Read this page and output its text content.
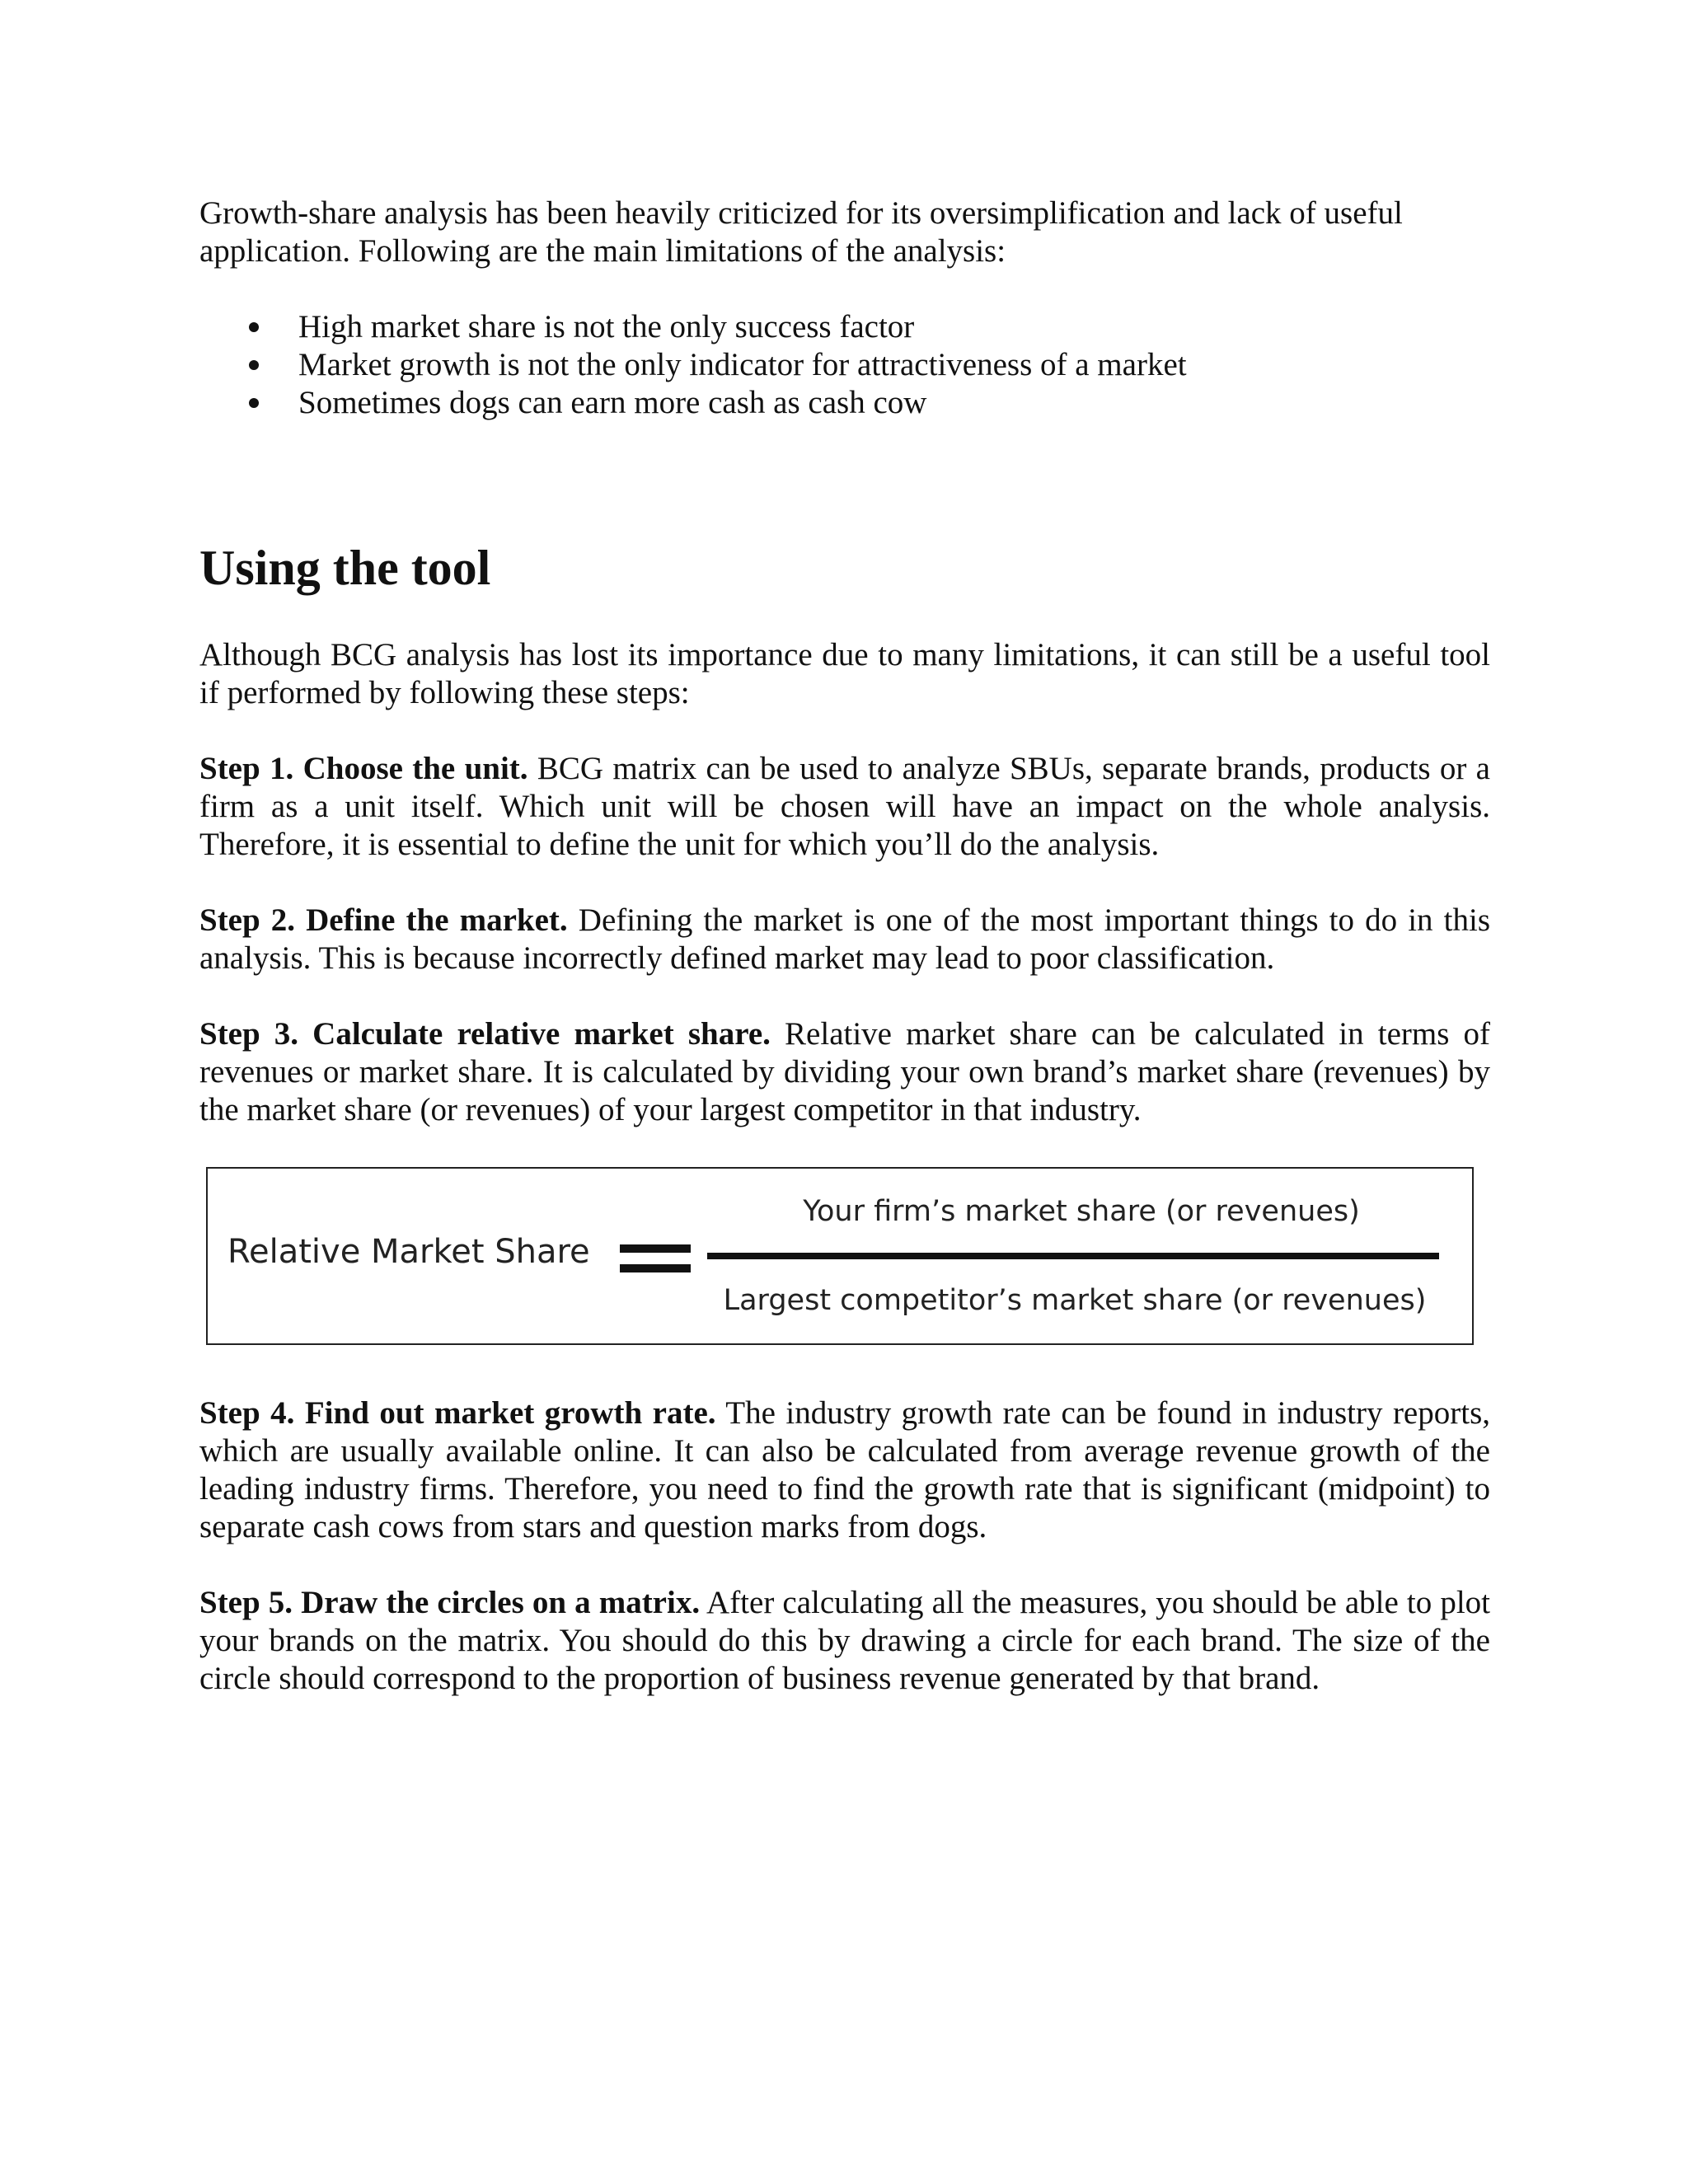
Growth-share analysis has been heavily criticized for its oversimplification and lack of useful application. Following are the main limitations of the analysis:

High market share is not the only success factor
Market growth is not the only indicator for attractiveness of a market
Sometimes dogs can earn more cash as cash cow
Using the tool

Although BCG analysis has lost its importance due to many limitations, it can still be a useful tool if performed by following these steps:

Step 1. Choose the unit. BCG matrix can be used to analyze SBUs, separate brands, products or a firm as a unit itself. Which unit will be chosen will have an impact on the whole analysis. Therefore, it is essential to define the unit for which you’ll do the analysis.

Step 2. Define the market. Defining the market is one of the most important things to do in this analysis. This is because incorrectly defined market may lead to poor classification.

Step 3. Calculate relative market share. Relative market share can be calculated in terms of revenues or market share. It is calculated by dividing your own brand’s market share (revenues) by the market share (or revenues) of your largest competitor in that industry.

Relative Market Share
Your firm’s market share (or revenues)
Largest competitor’s market share (or revenues)

Step 4. Find out market growth rate. The industry growth rate can be found in industry reports, which are usually available online. It can also be calculated from average revenue growth of the leading industry firms. Therefore, you need to find the growth rate that is significant (midpoint) to separate cash cows from stars and question marks from dogs.

Step 5. Draw the circles on a matrix. After calculating all the measures, you should be able to plot your brands on the matrix. You should do this by drawing a circle for each brand. The size of the circle should correspond to the proportion of business revenue generated by that brand.
